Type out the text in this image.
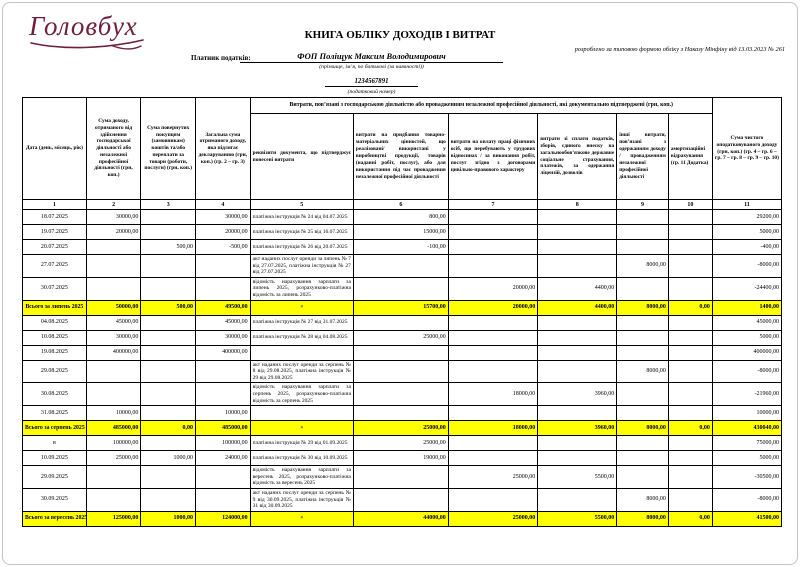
Головбух	КНИГА ОБЛІКУ ДОХОДІВ І ВИТРАТ
розроблено за типовою формою обліку з Наказу Мінфіну від 13.03.2023 № 261
Платник податків:	ФОП Поліщук Максим Володимирович
(прізвище, ім’я, по батькові (за наявності))
1234567891
(податковий номер)
Дата (день, місяць, рік)	Сума доходу, отриманого від здійснення господарської діяльності або незалежної професійної діяльності (грн, коп.)	Сума повернутих покупцям (замовникам) коштів та/або переплати за товари (роботи, послуги) (грн, коп.)	Загальна сума отриманого доходу, яка підлягає декларуванню (грн, коп.) (гр. 2 – гр. 3)	Витрати, пов’язані з господарською діяльністю або провадженням незалежної професійної діяльності, які документально підтверджені (грн, коп.)						Сума чистого оподатковуваного доходу (грн, коп.) (гр. 4 – гр. 6 – гр. 7 – гр. 8 – гр. 9 – гр. 10)
				реквізити документа, що підтверджує понесені витрати	витрати на придбання товарно-матеріальних цінностей, що реалізовані/ використані у виробництві продукції, товарів (наданні робіт, послуг), або для використання під час провадження незалежної професійної діяльності	витрати на оплату праці фізичних осіб, що перебувають у трудових відносинах / за виконання робіт, послуг згідно з договорами цивільно-правового характеру	витрати зі сплати податків, зборів, єдиного внеску на загальнообов’язкове державне соціальне страхування, платежів, за одержання ліцензій, дозволів	інші витрати, пов’язані з одержанням доходу / провадженням незалежної професійної діяльності	амортизаційні відрахування (гр. 11 Додатка)	
1	2	3	4	5	6	7	8	9	10	11
18.07.2025	30000,00		30000,00	платіжна інструкція № 24 від 04.07.2025	800,00					29200,00
19.07.2025	20000,00		20000,00	платіжна інструкція № 25 від 16.07.2025	15000,00					5000,00
20.07.2025		500,00	-500,00	платіжна інструкція № 26 від 20.07.2025	-100,00					-400,00
27.07.2025				акт наданих послуг оренди за липень № 7 від 27.07.2025, платіжна інструкція № 27 від 27.07.2025				8000,00		-8000,00
30.07.2025				відомість нарахування зарплати за липень 2025, розрахунково-платіжна відомість за липень 2025		20000,00	4400,00			-24400,00
Всього за липень 2025	50000,00	500,00	49500,00	×	15700,00	20000,00	4400,00	8000,00	0,00	1400,00
04.08.2025	45000,00		45000,00	платіжна інструкція № 27 від 31.07.2025						45000,00
10.08.2025	30000,00		30000,00	платіжна інструкція № 28 від 04.08.2025	25000,00					5000,00
19.08.2025	400000,00		400000,00							400000,00
29.08.2025				акт наданих послуг оренди за серпень № 8 від 29.08.2025, платіжна інструкція № 29 від 29.08.2025				8000,00		-8000,00
30.08.2025				відомість нарахування зарплати за серпень 2025, розрахунково-платіжна відомість за серпень 2025		18000,00	3960,00			-21960,00
31.08.2025	10000,00		10000,00							10000,00
Всього за серпень 2025	485000,00	0,00	485000,00	×	25000,00	18000,00	3960,00	8000,00	0,00	430040,00
в	100000,00		100000,00	платіжна інструкція № 29 від 01.09.2025	25000,00					75000,00
10.09.2025	25000,00	1000,00	24000,00	платіжна інструкція № 30 від 10.09.2025	19000,00					5000,00
29.09.2025				відомість нарахування зарплати за вересень 2025, розрахунково-платіжна відомість за вересень 2025		25000,00	5500,00			-30500,00
30.09.2025				акт наданих послуг оренди за серпень № 9 від 30.09.2025, платіжна інструкція № 31 від 30.09.2025				8000,00		-8000,00
Всього за вересень 2025	125000,00	1000,00	124000,00	×	44000,00	25000,00	5500,00	8000,00	0,00	41500,00
